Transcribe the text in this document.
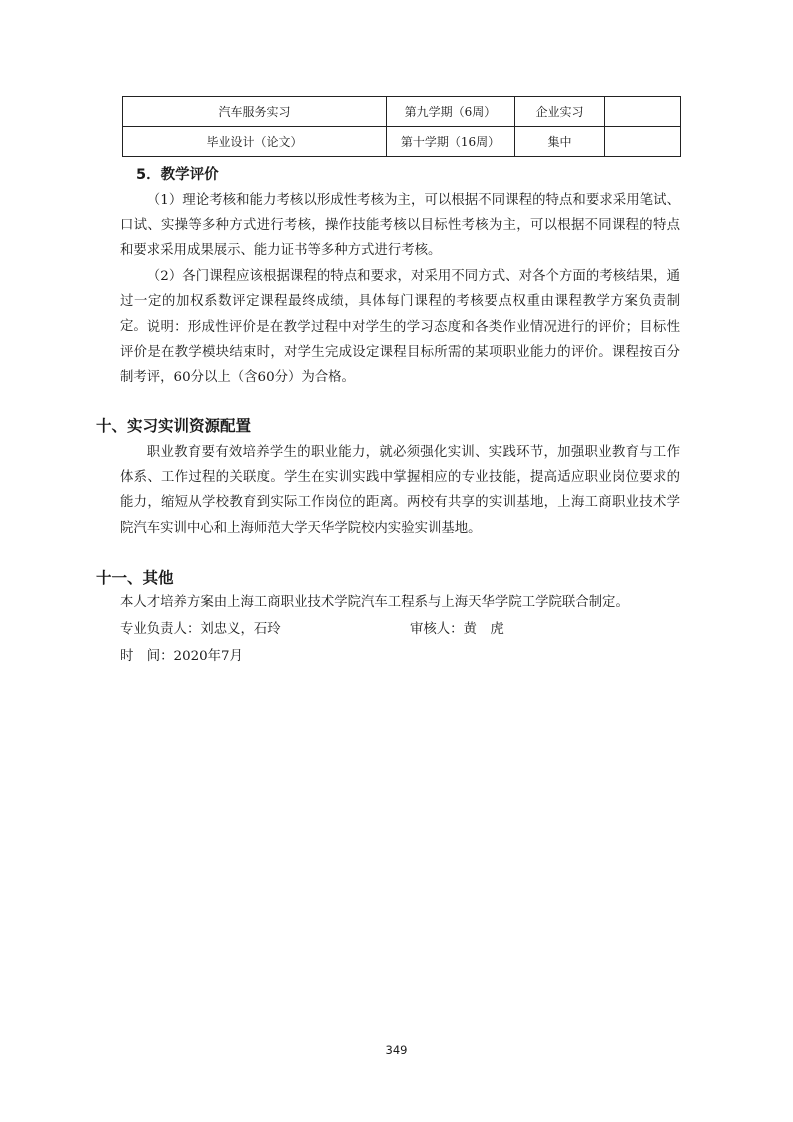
汽车服务实习	第九学期（6周）	企业实习	
毕业设计（论文）	第十学期（16周）	集中	
5．教学评价

（1）理论考核和能力考核以形成性考核为主，可以根据不同课程的特点和要求采用笔试、口试、实操等多种方式进行考核，操作技能考核以目标性考核为主，可以根据不同课程的特点和要求采用成果展示、能力证书等多种方式进行考核。

（2）各门课程应该根据课程的特点和要求，对采用不同方式、对各个方面的考核结果，通过一定的加权系数评定课程最终成绩，具体每门课程的考核要点权重由课程教学方案负责制定。 说明：形成性评价是在教学过程中对学生的学习态度和各类作业情况进行的评价；目标性评价是在教学模块结束时，对学生完成设定课程目标所需的某项职业能力的评价。课程按百分制考评，60分以上（含60分）为合格。

十、实习实训资源配置

职业教育要有效培养学生的职业能力，就必须强化实训、实践环节，加强职业教育与工作体系、工作过程的关联度。学生在实训实践中掌握相应的专业技能，提高适应职业岗位要求的能力，缩短从学校教育到实际工作岗位的距离。两校有共享的实训基地，上海工商职业技术学院汽车实训中心和上海师范大学天华学院校内实验实训基地。

十一、其他
本人才培养方案由上海工商职业技术学院汽车工程系与上海天华学院工学院联合制定。
专业负责人：刘忠义，石玲	审核人：黄　虎
时　间：2020年7月
349
